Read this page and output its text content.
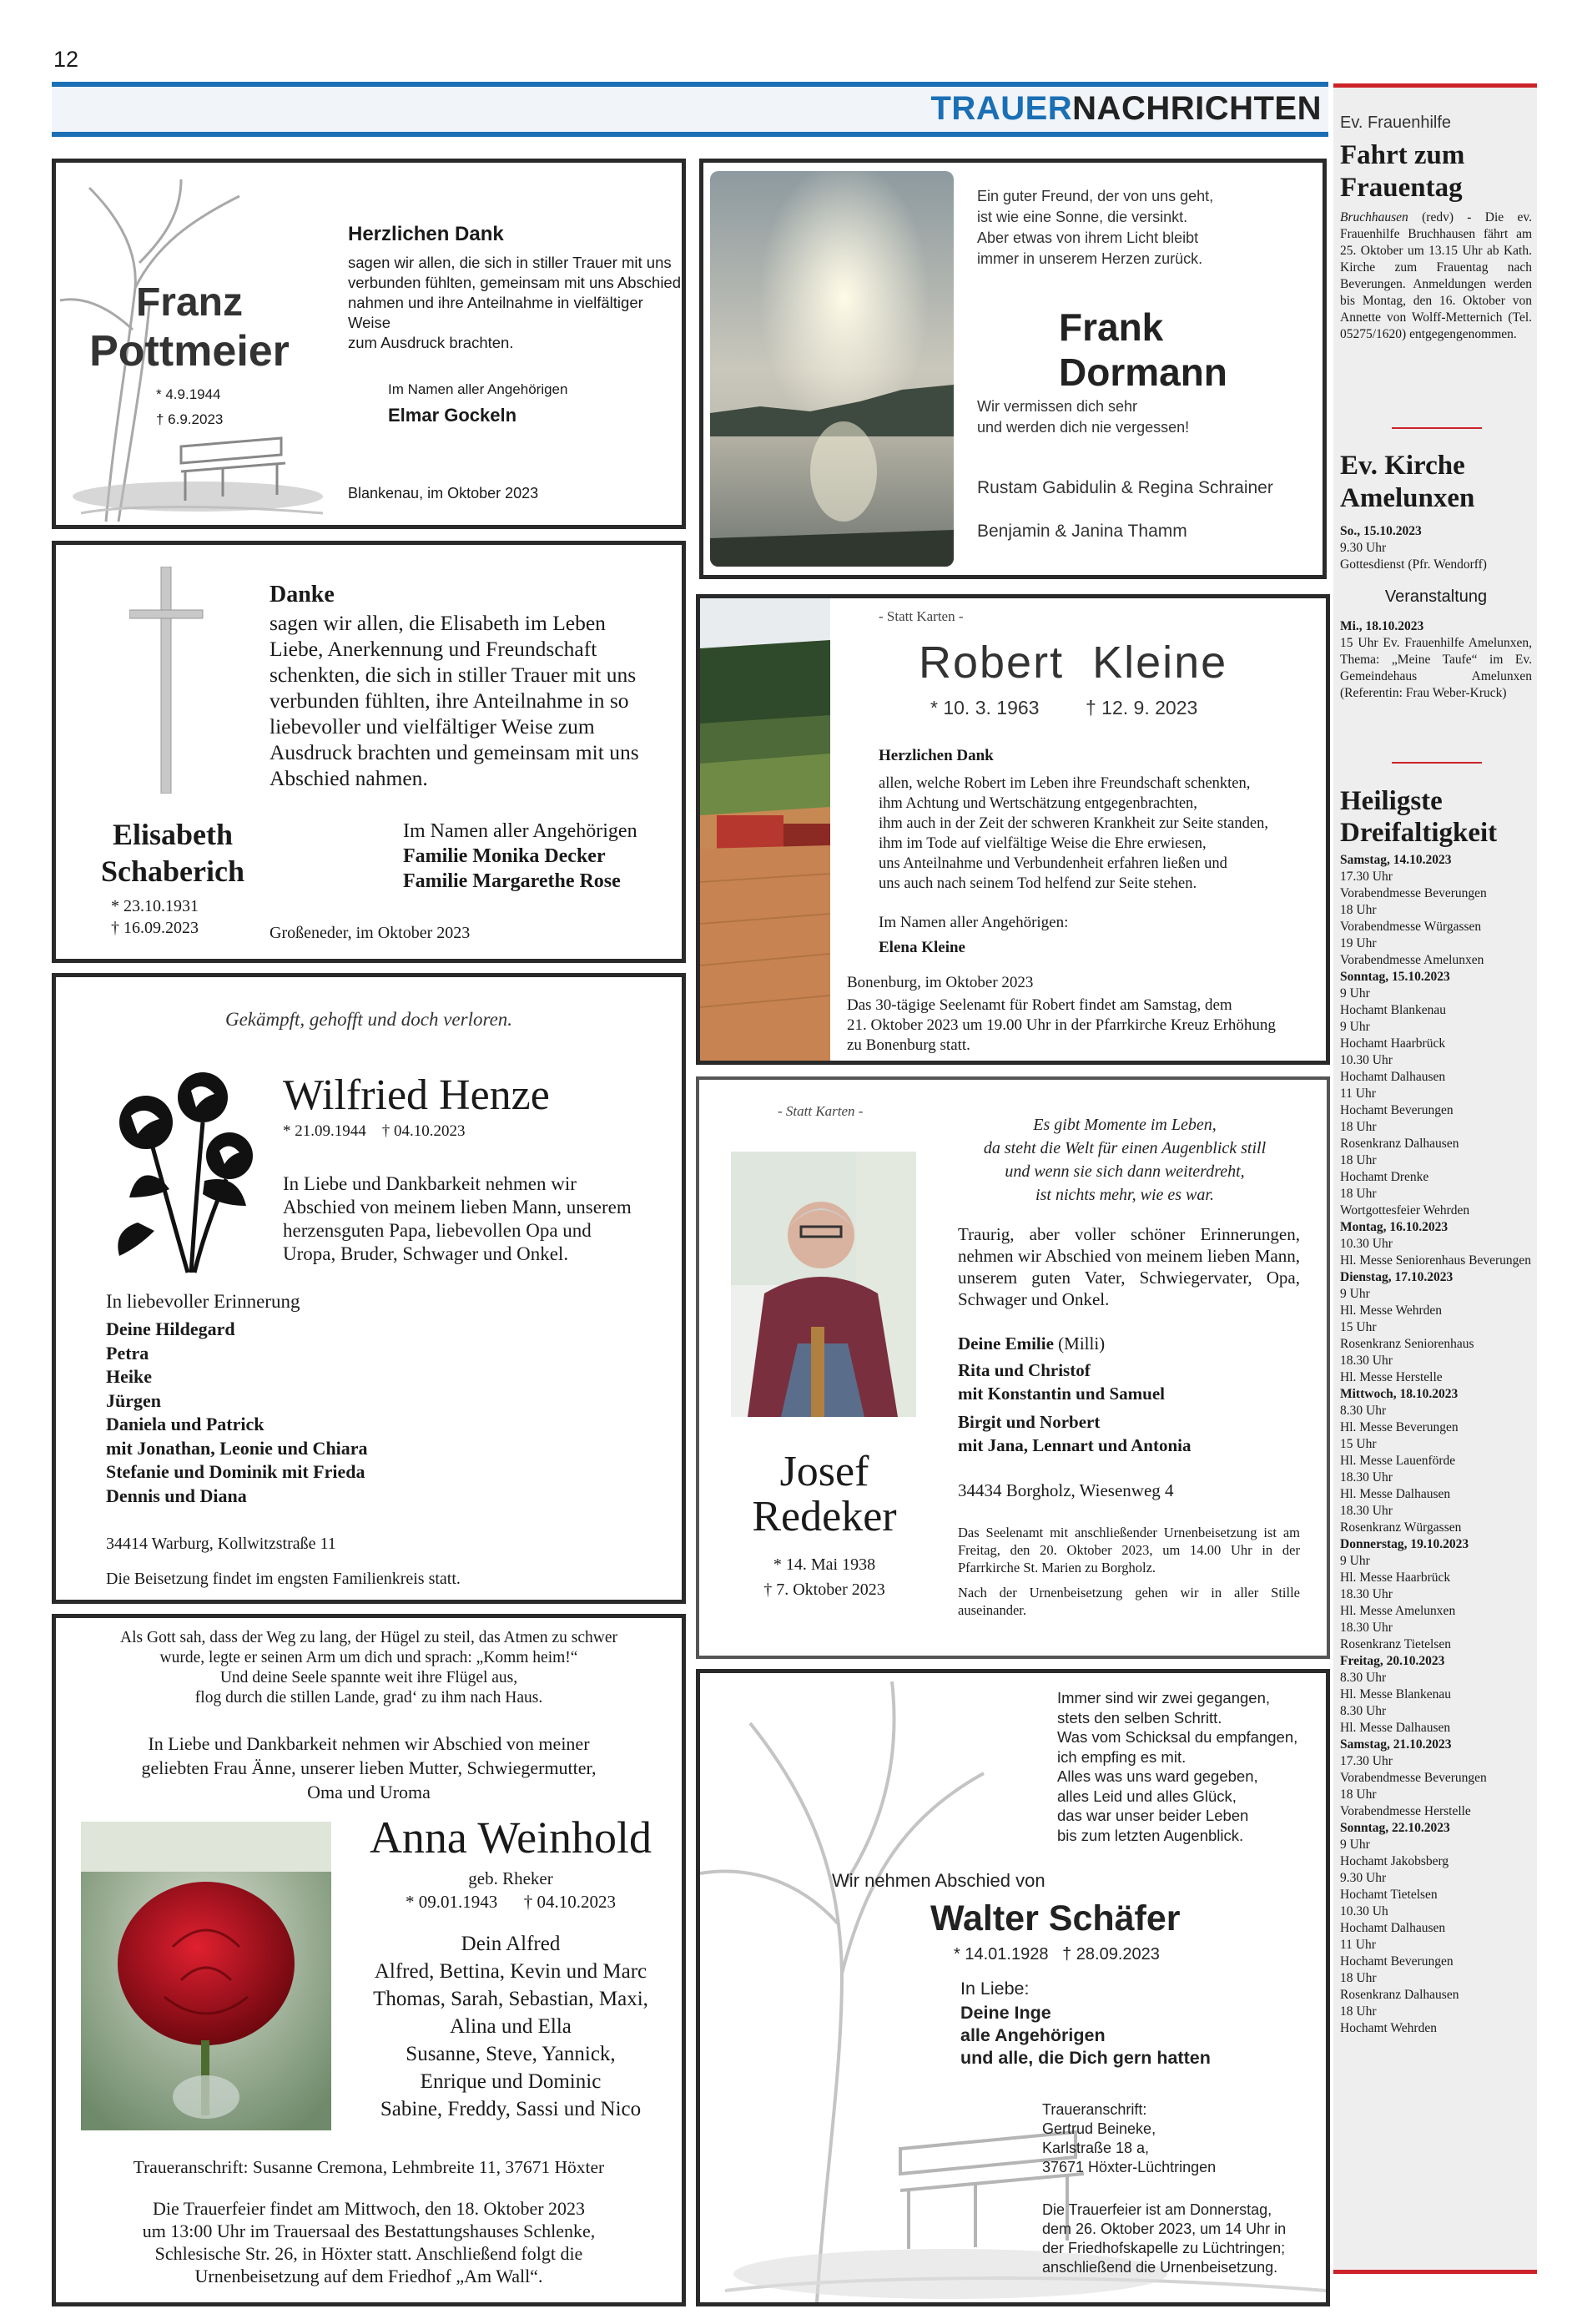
12
TRAUERNACHRICHTEN
Franz
Pottmeier
* 4.9.1944
† 6.9.2023
Herzlichen Dank
sagen wir allen, die sich in stiller Trauer mit uns
verbunden fühlten, gemeinsam mit uns Abschied
nahmen und ihre Anteilnahme in vielfältiger Weise
zum Ausdruck brachten.
Im Namen aller Angehörigen
Elmar Gockeln
Blankenau, im Oktober 2023
Ein guter Freund, der von uns geht,
ist wie eine Sonne, die versinkt.
Aber etwas von ihrem Licht bleibt
immer in unserem Herzen zurück.
Frank Dormann
Wir vermissen dich sehr
und werden dich nie vergessen!
Rustam Gabidulin & Regina Schrainer
Benjamin & Janina Thamm
Danke
sagen wir allen, die Elisabeth im Leben
Liebe, Anerkennung und Freundschaft
schenkten, die sich in stiller Trauer mit uns
verbunden fühlten, ihre Anteilnahme in so
liebevoller und vielfältiger Weise zum
Ausdruck brachten und gemeinsam mit uns
Abschied nahmen.
Elisabeth
Schaberich
* 23.10.1931
† 16.09.2023
Im Namen aller Angehörigen
Familie Monika Decker
Familie Margarethe Rose
Großeneder, im Oktober 2023
- Statt Karten -
Robert  Kleine
* 10. 3. 1963 † 12. 9. 2023
Herzlichen Dank
allen, welche Robert im Leben ihre Freundschaft schenkten,
ihm Achtung und Wertschätzung entgegenbrachten,
ihm auch in der Zeit der schweren Krankheit zur Seite standen,
ihm im Tode auf vielfältige Weise die Ehre erwiesen,
uns Anteilnahme und Verbundenheit erfahren ließen und
uns auch nach seinem Tod helfend zur Seite stehen.
Im Namen aller Angehörigen:
Elena Kleine
Bonenburg, im Oktober 2023
Das 30-tägige Seelenamt für Robert findet am Samstag, dem
21. Oktober 2023 um 19.00 Uhr in der Pfarrkirche Kreuz Erhöhung
zu Bonenburg statt.
Gekämpft, gehofft und doch verloren.
Wilfried Henze
* 21.09.1944    † 04.10.2023
In Liebe und Dankbarkeit nehmen wir
Abschied von meinem lieben Mann, unserem
herzensguten Papa, liebevollen Opa und
Uropa, Bruder, Schwager und Onkel.
In liebevoller Erinnerung
Deine Hildegard
Petra
Heike
Jürgen
Daniela und Patrick
mit Jonathan, Leonie und Chiara
Stefanie und Dominik mit Frieda
Dennis und Diana
34414 Warburg, Kollwitzstraße 11
Die Beisetzung findet im engsten Familienkreis statt.
- Statt Karten -
Es gibt Momente im Leben,
da steht die Welt für einen Augenblick still
und wenn sie sich dann weiterdreht,
ist nichts mehr, wie es war.
Traurig, aber voller schöner Erinnerungen, nehmen wir Abschied von meinem lieben Mann, unserem guten Vater, Schwiegervater, Opa, Schwager und Onkel.
Deine Emilie (Milli)
Rita und Christof
mit Konstantin und Samuel
Birgit und Norbert
mit Jana, Lennart und Antonia
34434 Borgholz, Wiesenweg 4
Das Seelenamt mit anschließender Urnenbeisetzung ist am Freitag, den 20. Oktober 2023, um 14.00 Uhr in der Pfarrkirche St. Marien zu Borgholz.
Nach der Urnenbeisetzung gehen wir in aller Stille auseinander.
Josef
Redeker
* 14. Mai 1938
† 7. Oktober 2023
Als Gott sah, dass der Weg zu lang, der Hügel zu steil, das Atmen zu schwer
wurde, legte er seinen Arm um dich und sprach: „Komm heim!“
Und deine Seele spannte weit ihre Flügel aus,
flog durch die stillen Lande, grad‘ zu ihm nach Haus.
In Liebe und Dankbarkeit nehmen wir Abschied von meiner
geliebten Frau Änne, unserer lieben Mutter, Schwiegermutter,
Oma und Uroma
Anna Weinhold
geb. Rheker
* 09.01.1943      † 04.10.2023
Dein Alfred
Alfred, Bettina, Kevin und Marc
Thomas, Sarah, Sebastian, Maxi,
Alina und Ella
Susanne, Steve, Yannick,
Enrique und Dominic
Sabine, Freddy, Sassi und Nico
Traueranschrift: Susanne Cremona, Lehmbreite 11, 37671 Höxter
Die Trauerfeier findet am Mittwoch, den 18. Oktober 2023
um 13:00 Uhr im Trauersaal des Bestattungshauses Schlenke,
Schlesische Str. 26, in Höxter statt. Anschließend folgt die
Urnenbeisetzung auf dem Friedhof „Am Wall“.
Immer sind wir zwei gegangen,
stets den selben Schritt.
Was vom Schicksal du empfangen,
ich empfing es mit.
Alles was uns ward gegeben,
alles Leid und alles Glück,
das war unser beider Leben
bis zum letzten Augenblick.
Wir nehmen Abschied von
Walter Schäfer
* 14.01.1928   † 28.09.2023
In Liebe:
Deine Inge
alle Angehörigen
und alle, die Dich gern hatten
Traueranschrift:
Gertrud Beineke,
Karlstraße 18 a,
37671 Höxter-Lüchtringen
Die Trauerfeier ist am Donnerstag,
dem 26. Oktober 2023, um 14 Uhr in
der Friedhofskapelle zu Lüchtringen;
anschließend die Urnenbeisetzung.
Ev. Frauenhilfe
Fahrt zum
Frauentag
Bruchhausen (redv) - Die ev. Frauenhilfe Bruchhausen fährt am 25. Oktober um 13.15 Uhr ab Kath. Kirche zum Frauentag nach Beverungen. Anmeldungen werden bis Montag, den 16. Oktober von Annette von Wolff-Metternich (Tel. 05275/1620) entgegengenommen.
Ev. Kirche
Amelunxen
So., 15.10.2023
9.30 Uhr
Gottesdienst (Pfr. Wendorff)
Veranstaltung
Mi., 18.10.2023
15 Uhr Ev. Frauenhilfe Amelunxen, Thema: „Meine Taufe“ im Ev. Gemeindehaus Amelunxen (Referentin: Frau Weber-Kruck)
Heiligste
Dreifaltigkeit
Samstag, 14.10.2023
17.30 Uhr
Vorabendmesse Beverungen
18 Uhr
Vorabendmesse Würgassen
19 Uhr
Vorabendmesse Amelunxen
Sonntag, 15.10.2023
9 Uhr
Hochamt Blankenau
9 Uhr
Hochamt Haarbrück
10.30 Uhr
Hochamt Dalhausen
11 Uhr
Hochamt Beverungen
18 Uhr
Rosenkranz Dalhausen
18 Uhr
Hochamt Drenke
18 Uhr
Wortgottesfeier Wehrden
Montag, 16.10.2023
10.30 Uhr
Hl. Messe Seniorenhaus Beverungen
Dienstag, 17.10.2023
9 Uhr
Hl. Messe Wehrden
15 Uhr
Rosenkranz Seniorenhaus
18.30 Uhr
Hl. Messe Herstelle
Mittwoch, 18.10.2023
8.30 Uhr
Hl. Messe Beverungen
15 Uhr
Hl. Messe Lauenförde
18.30 Uhr
Hl. Messe Dalhausen
18.30 Uhr
Rosenkranz Würgassen
Donnerstag, 19.10.2023
9 Uhr
Hl. Messe Haarbrück
18.30 Uhr
Hl. Messe Amelunxen
18.30 Uhr
Rosenkranz Tietelsen
Freitag, 20.10.2023
8.30 Uhr
Hl. Messe Blankenau
8.30 Uhr
Hl. Messe Dalhausen
Samstag, 21.10.2023
17.30 Uhr
Vorabendmesse Beverungen
18 Uhr
Vorabendmesse Herstelle
Sonntag, 22.10.2023
9 Uhr
Hochamt Jakobsberg
9.30 Uhr
Hochamt Tietelsen
10.30 Uh
Hochamt Dalhausen
11 Uhr
Hochamt Beverungen
18 Uhr
Rosenkranz Dalhausen
18 Uhr
Hochamt Wehrden
